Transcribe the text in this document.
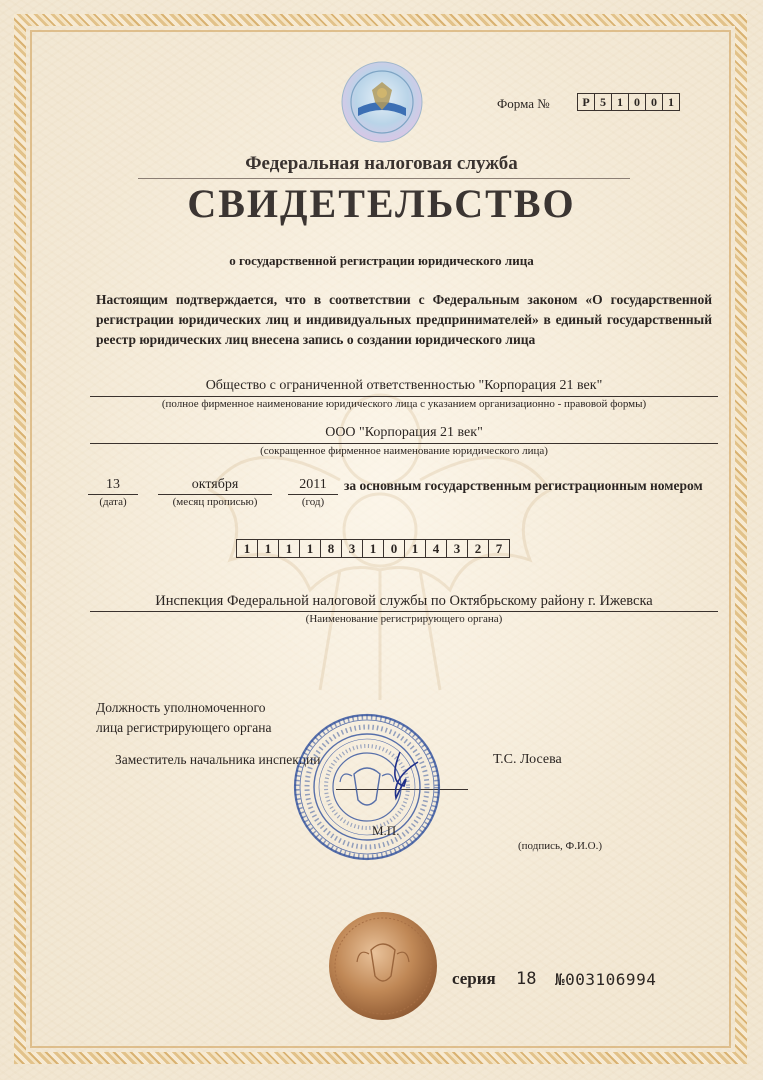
Форма №	Р 5 1 0 0 1
Федеральная налоговая служба
СВИДЕТЕЛЬСТВО
о государственной регистрации юридического лица
Настоящим подтверждается, что в соответствии с Федеральным законом «О государственной регистрации юридических лиц и индивидуальных предпринимателей» в единый государственный реестр юридических лиц внесена запись о создании юридического лица
Общество с ограниченной ответственностью "Корпорация 21 век"
(полное фирменное наименование юридического лица с указанием организационно - правовой формы)
ООО "Корпорация 21 век"
(сокращенное фирменное наименование юридического лица)
13
(дата)
октября
(месяц прописью)
2011
(год)
за основным государственным регистрационным номером
1	1	1	1	8	3	1	0	1	4	3	2	7
Инспекция Федеральной налоговой службы по Октябрьскому району г. Ижевска
(Наименование регистрирующего органа)
Должность уполномоченного
лица регистрирующего органа
Заместитель начальника инспекции	Т.С. Лосева
(подпись, Ф.И.О.)
М.П.
серия 18 №003106994
